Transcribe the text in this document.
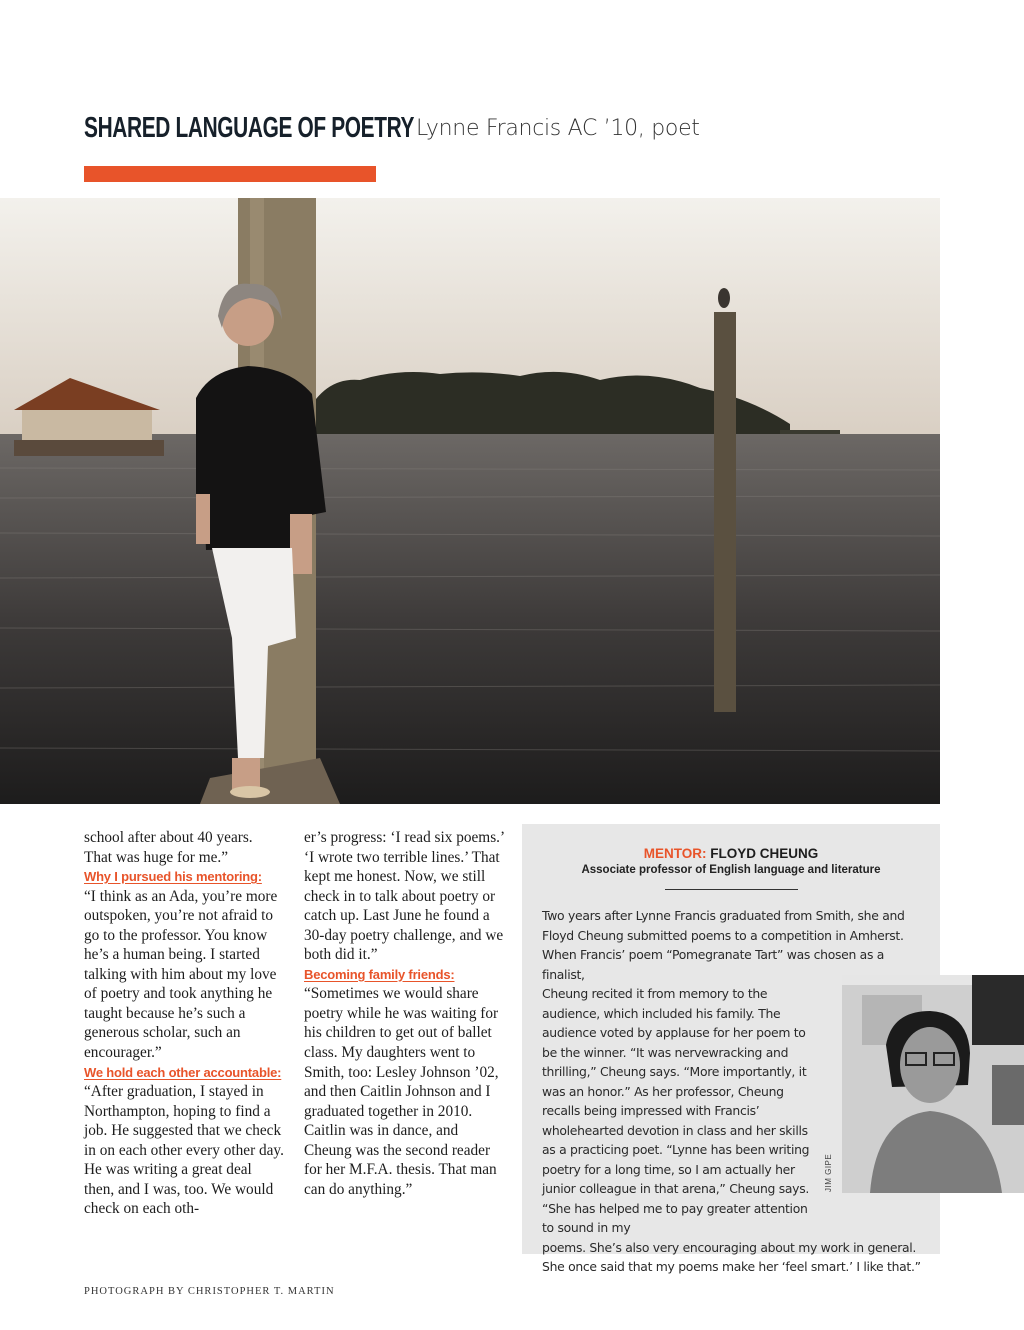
SHARED LANGUAGE OF POETRY Lynne Francis AC ’10, poet

school after about 40 years. That was huge for me.”

Why I pursued his mentoring:

“I think as an Ada, you’re more outspoken, you’re not afraid to go to the professor. You know he’s a human being. I started talking with him about my love of poetry and took anything he taught because he’s such a generous scholar, such an encourager.”

We hold each other accountable: “After graduation, I stayed in Northampton, hoping to find a job. He suggested that we check in on each other every other day. He was writing a great deal then, and I was, too. We would check on each oth-

er’s progress: ‘I read six poems.’ ‘I wrote two terrible lines.’ That kept me honest. Now, we still check in to talk about poetry or catch up. Last June he found a 30-day poetry challenge, and we both did it.”

Becoming family friends:

“Sometimes we would share poetry while he was waiting for his children to get out of ballet class. My daughters went to Smith, too: Lesley Johnson ’02, and then Caitlin Johnson and I graduated together in 2010. Caitlin was in dance, and Cheung was the second reader for her M.F.A. thesis. That man can do anything.”

MENTOR: FLOYD CHEUNG
Associate professor of English language and literature

Two years after Lynne Francis graduated from Smith, she and Floyd Cheung submitted poems to a competition in Amherst. When Francis’ poem “Pomegranate Tart” was chosen as a finalist,

Cheung recited it from memory to the audience, which included his family. The audience voted by applause for her poem to be the winner. “It was nervewracking and thrilling,” Cheung says. “More importantly, it was an honor.” As her professor, Cheung recalls being impressed with Francis’ wholehearted devotion in class and her skills as a practicing poet. “Lynne has been writing poetry for a long time, so I am actually her junior colleague in that arena,” Cheung says. “She has helped me to pay greater attention to sound in my

poems. She’s also very encouraging about my work in general. She once said that my poems make her ‘feel smart.’ I like that.”

JIM GIPE
PHOTOGRAPH BY CHRISTOPHER T. MARTIN
